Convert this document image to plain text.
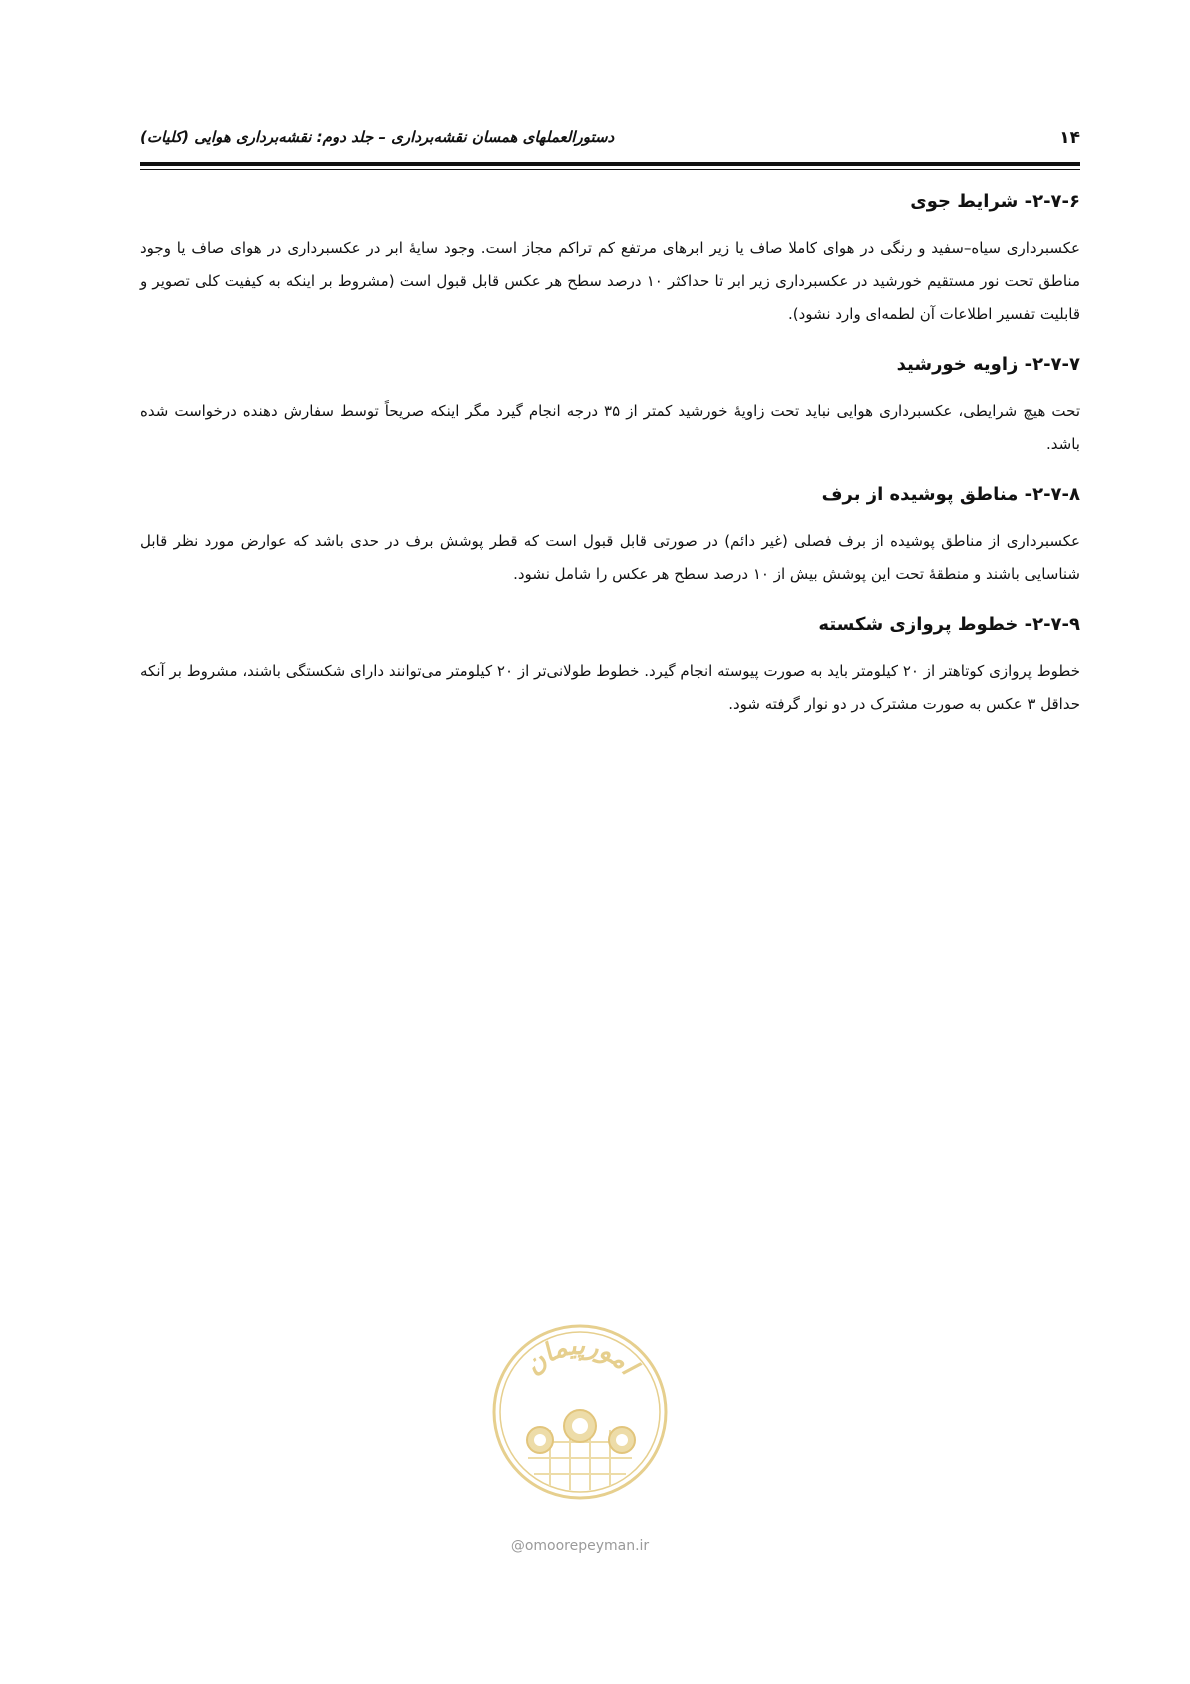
۱۴
دستورالعملهای همسان نقشه‌برداری – جلد دوم: نقشه‌برداری هوایی (کلیات)
۲-۷-۶- شرایط جوی

عکسبرداری سیاه–سفید و رنگی در هوای کاملا صاف یا زیر ابرهای مرتفع کم تراکم مجاز است. وجود سایهٔ ابر در عکسبرداری در هوای صاف یا وجود مناطق تحت نور مستقیم خورشید در عکسبرداری زیر ابر تا حداکثر ۱۰ درصد سطح هر عکس قابل قبول است (مشروط بر اینکه به کیفیت کلی تصویر و قابلیت تفسیر اطلاعات آن لطمه‌ای وارد نشود).

۲-۷-۷- زاویه خورشید

تحت هیچ شرایطی، عکسبرداری هوایی نباید تحت زاویهٔ خورشید کمتر از ۳۵ درجه انجام گیرد مگر اینکه صریحاً توسط سفارش دهنده درخواست شده باشد.

۲-۷-۸- مناطق پوشیده از برف

عکسبرداری از مناطق پوشیده از برف فصلی (غیر دائم) در صورتی قابل قبول است که قطر پوشش برف در حدی باشد که عوارض مورد نظر قابل شناسایی باشند و منطقهٔ تحت این پوشش بیش از ۱۰ درصد سطح هر عکس را شامل نشود.

۲-۷-۹- خطوط پروازی شکسته

خطوط پروازی کوتاهتر از ۲۰ کیلومتر باید به صورت پیوسته انجام گیرد. خطوط طولانی‌تر از ۲۰ کیلومتر می‌توانند دارای شکستگی باشند، مشروط بر آنکه حداقل ۳ عکس به صورت مشترک در دو نوار گرفته شود.

امورپیمان
@omoorepeyman.ir
